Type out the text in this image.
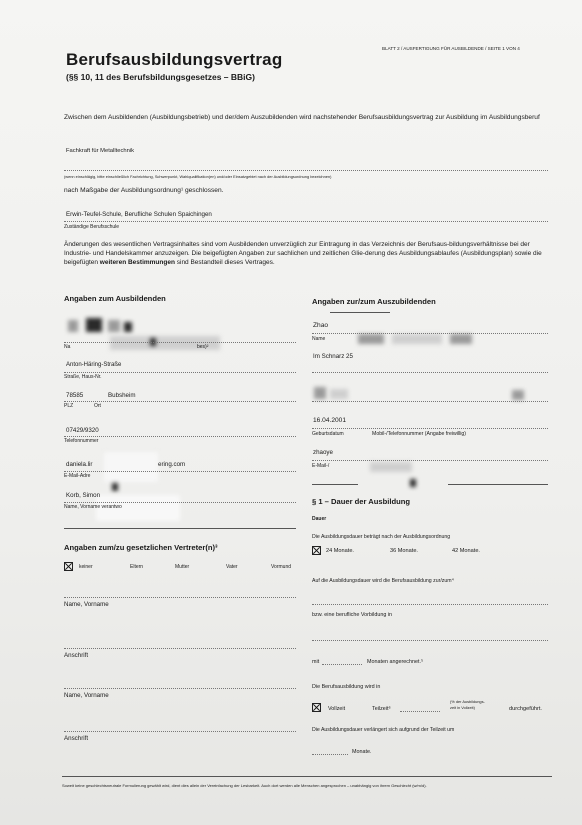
Berufsausbildungsvertrag
(§§ 10, 11 des Berufsbildungsgesetzes – BBiG)
BLATT 2 / AUSFERTIGUNG FÜR AUSBILDENDE / SEITE 1 VON 4
Zwischen dem Ausbildenden (Ausbildungsbetrieb) und der/dem Auszubildenden wird nachstehender Berufsausbildungsvertrag zur Ausbildung im Ausbildungsberuf
Fachkraft für Metalltechnik
(wenn einschlägig, bitte einschließlich Fachrichtung, Schwerpunkt, Wahlqualifikation(en) und/oder Einsatzgebiet nach der Ausbildungsordnung bezeichnen)
nach Maßgabe der Ausbildungsordnung¹ geschlossen.
Erwin-Teufel-Schule, Berufliche Schulen Spaichingen
Zuständige Berufsschule
Änderungen des wesentlichen Vertragsinhaltes sind vom Ausbildenden unverzüglich zur Eintragung in das Verzeichnis der Berufsaus-bildungsverhältnisse bei der Industrie- und Handelskammer anzuzeigen. Die beigefügten Angaben zur sachlichen und zeitlichen Glie-derung des Ausbildungsablaufes (Ausbildungsplan) sowie die beigefügten weiteren Bestimmungen sind Bestandteil dieses Vertrages.
Angaben zum Ausbildenden
Na	bes)²
Anton-Häring-Straße
Straße, Haus-Nr.
78585	Bubsheim
PLZ	Ort
07429/9320
Telefonnummer
daniela.lir	ering.com
E-Mail-Adre
Korb, Simon
Name, Vorname verantwo
Angaben zum/zu gesetzlichen Vertreter(n)³
keiner	Eltern	Mutter	Vater	Vormund
Name, Vorname
Anschrift
Name, Vorname
Anschrift
Angaben zur/zum Auszubildenden
Zhao
Name
Im Schnarz 25
16.04.2001
Geburtsdatum	Mobil-/Telefonnummer (Angabe freiwillig)
zhaoye
E-Mail-/
§ 1 – Dauer der Ausbildung
Dauer
Die Ausbildungsdauer beträgt nach der Ausbildungsordnung
24 Monate.	36 Monate.	42 Monate.
Auf die Ausbildungsdauer wird die Berufsausbildung zur/zum⁴
bzw. eine berufliche Vorbildung in
mit	Monaten angerechnet.⁵
Die Berufsausbildung wird in
Vollzeit	Teilzeit⁶
(% der Ausbildungs-
zeit in Vollzeit)	durchgeführt.
Die Ausbildungsdauer verlängert sich aufgrund der Teilzeit um
Monate.
Soweit keine geschlechtsneutrale Formulierung gewählt wird, dient dies allein der Vereinfachung der Lesbarkeit. Auch dort werden alle Menschen angesprochen – unabhängig von ihrem Geschlecht (w/m/d).
